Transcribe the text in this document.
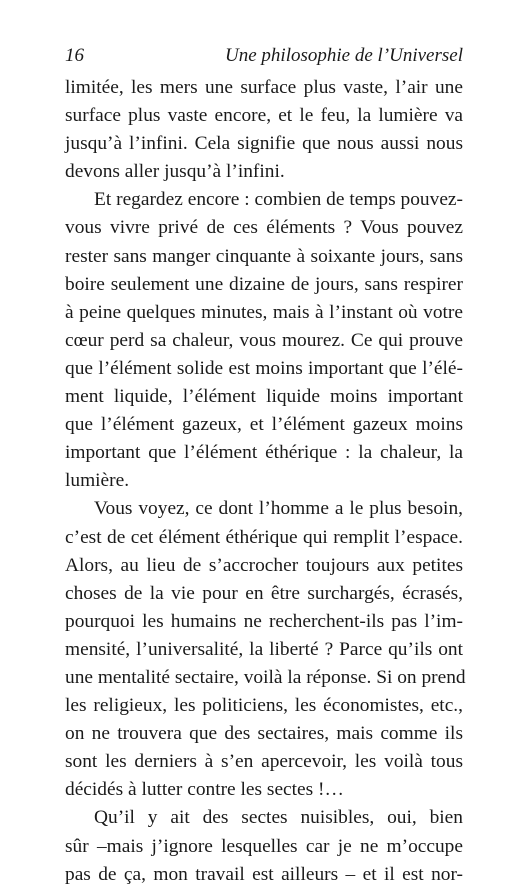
16	Une philosophie de l’Universel

limitée, les mers une surface plus vaste, l’air une
surface plus vaste encore, et le feu, la lumière va
jusqu’à l’infini. Cela signifie que nous aussi nous
devons aller jusqu’à l’infini.

Et regardez encore : combien de temps pouvez-
vous vivre privé de ces éléments ? Vous pouvez
rester sans manger cinquante à soixante jours, sans
boire seulement une dizaine de jours, sans respirer
à peine quelques minutes, mais à l’instant où votre
cœur perd sa chaleur, vous mourez. Ce qui prouve
que l’élément solide est moins important que l’élé-
ment liquide, l’élément liquide moins important
que l’élément gazeux, et l’élément gazeux moins
important que l’élément éthérique : la chaleur, la
lumière.

Vous voyez, ce dont l’homme a le plus besoin,
c’est de cet élément éthérique qui remplit l’espace.
Alors, au lieu de s’accrocher toujours aux petites
choses de la vie pour en être surchargés, écrasés,
pourquoi les humains ne recherchent-ils pas l’im-
mensité, l’universalité, la liberté ? Parce qu’ils ont
une mentalité sectaire, voilà la réponse. Si on prend
les religieux, les politiciens, les économistes, etc.,
on ne trouvera que des sectaires, mais comme ils
sont les derniers à s’en apercevoir, les voilà tous
décidés à lutter contre les sectes !…

Qu’il y ait des sectes nuisibles, oui, bien
sûr –mais j’ignore lesquelles car je ne m’occupe
pas de ça, mon travail est ailleurs – et il est nor-
